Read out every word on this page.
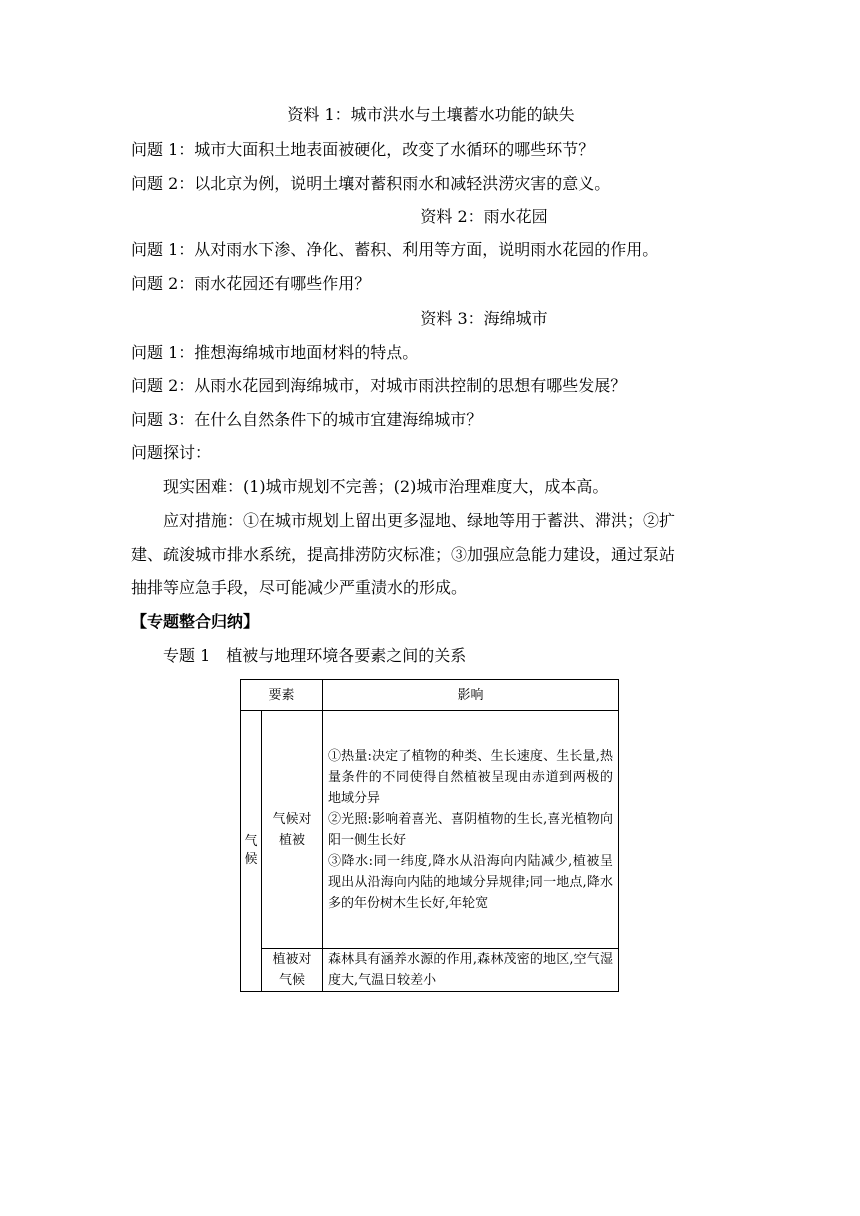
资料 1：城市洪水与土壤蓄水功能的缺失
问题 1：城市大面积土地表面被硬化，改变了水循环的哪些环节？
问题 2：以北京为例，说明土壤对蓄积雨水和减轻洪涝灾害的意义。
资料 2：雨水花园
问题 1：从对雨水下渗、净化、蓄积、利用等方面，说明雨水花园的作用。
问题 2：雨水花园还有哪些作用？
资料 3：海绵城市
问题 1：推想海绵城市地面材料的特点。
问题 2：从雨水花园到海绵城市，对城市雨洪控制的思想有哪些发展？
问题 3：在什么自然条件下的城市宜建海绵城市？
问题探讨：
现实困难：(1)城市规划不完善；(2)城市治理难度大，成本高。
应对措施：①在城市规划上留出更多湿地、绿地等用于蓄洪、滞洪；②扩
建、疏浚城市排水系统，提高排涝防灾标准；③加强应急能力建设，通过泵站
抽排等应急手段，尽可能减少严重渍水的形成。
【专题整合归纳】
专题 1　植被与地理环境各要素之间的关系
要素		影响
气候	气候对植被	①热量:决定了植物的种类、生长速度、生长量,热量条件的不同使得自然植被呈现由赤道到两极的地域分异
②光照:影响着喜光、喜阴植物的生长,喜光植物向阳一侧生长好
③降水:同一纬度,降水从沿海向内陆减少,植被呈现出从沿海向内陆的地域分异规律;同一地点,降水多的年份树木生长好,年轮宽
	植被对气候	森林具有涵养水源的作用,森林茂密的地区,空气湿度大,气温日较差小
